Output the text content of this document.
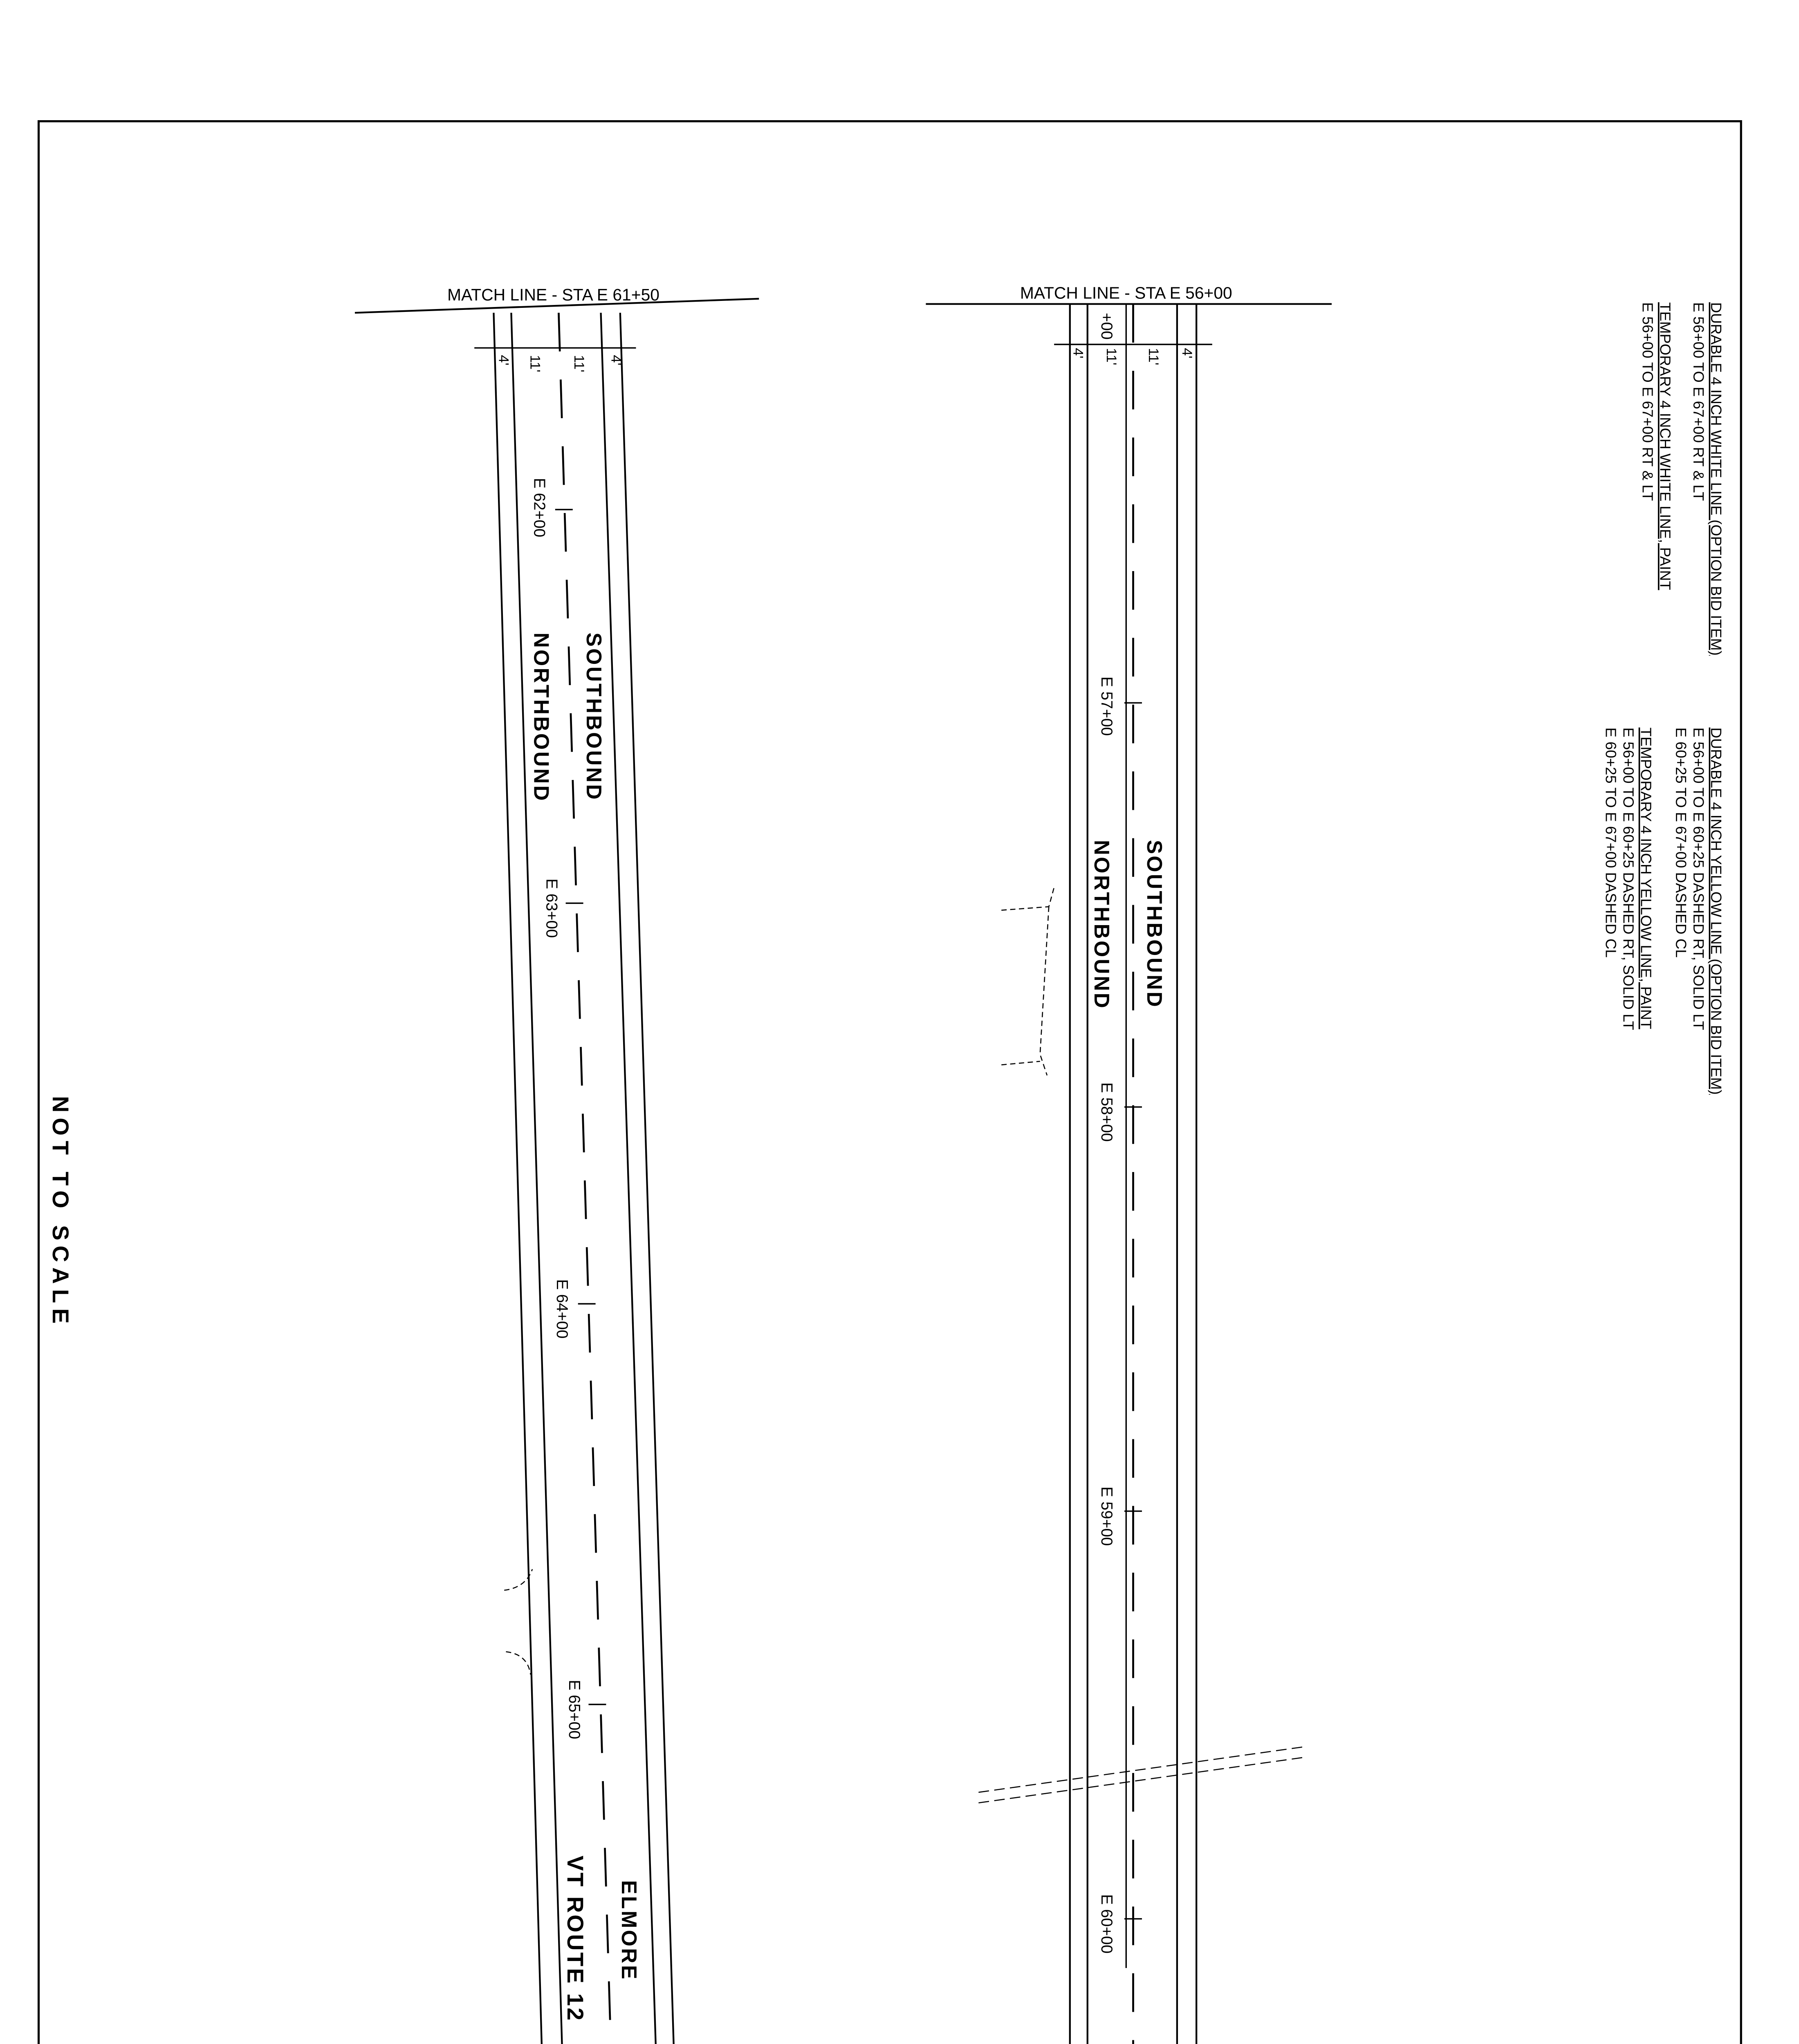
NOT TO SCALE
DURABLE 4 INCH WHITE LINE (OPTION BID ITEM)
E 56+00 TO E 67+00 RT & LT
TEMPORARY 4 INCH WHITE LINE, PAINT
E 56+00 TO E 67+00 RT & LT
DURABLE 4 INCH YELLOW LINE (OPTION BID ITEM)
E 56+00 TO E 60+25 DASHED RT, SOLID LT
E 60+25 TO E 67+00 DASHED CL
TEMPORARY 4 INCH YELLOW LINE, PAINT
E 56+00 TO E 60+25 DASHED RT, SOLID LT
E 60+25 TO E 67+00 DASHED CL
MATCH LINE - STA E 61+50
4'	11'	11'	4'
E 62+00
E 63+00
E 64+00
E 65+00
SOUTHBOUND
NORTHBOUND
ELMORE
VT ROUTE 12
MATCH LINE - STA E 56+00
4'	11'	11'	4'
+00
E 57+00
E 58+00
E 59+00
E 60+00
SOUTHBOUND
NORTHBOUND
